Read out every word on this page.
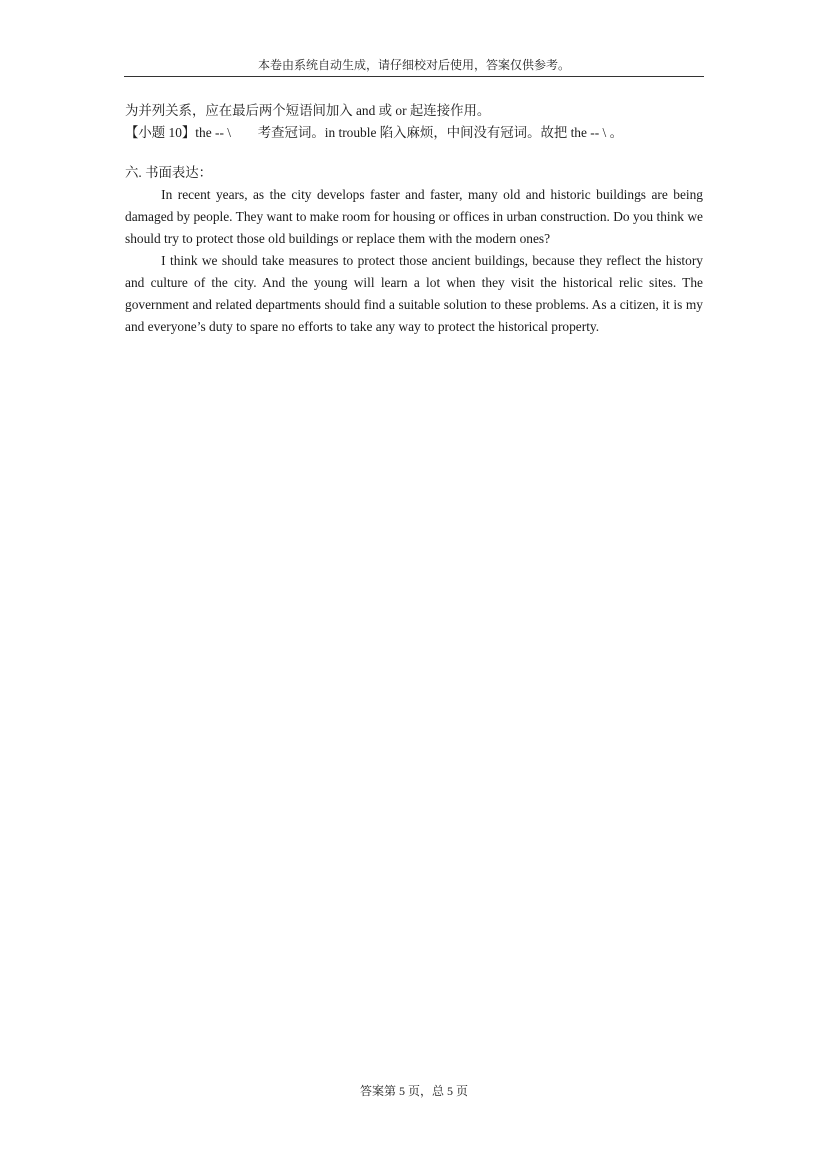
本卷由系统自动生成，请仔细校对后使用，答案仅供参考。

为并列关系，应在最后两个短语间加入 and 或 or 起连接作用。

【小题 10】the -- \　　考查冠词。in trouble 陷入麻烦，中间没有冠词。故把 the -- \ 。

六. 书面表达：

In recent years, as the city develops faster and faster, many old and historic buildings are being damaged by people. They want to make room for housing or offices in urban construction. Do you think we should try to protect those old buildings or replace them with the modern ones?

I think we should take measures to protect those ancient buildings, because they reflect the history and culture of the city. And the young will learn a lot when they visit the historical relic sites. The government and related departments should find a suitable solution to these problems. As a citizen, it is my and everyone’s duty to spare no efforts to take any way to protect the historical property.

答案第 5 页，总 5 页
